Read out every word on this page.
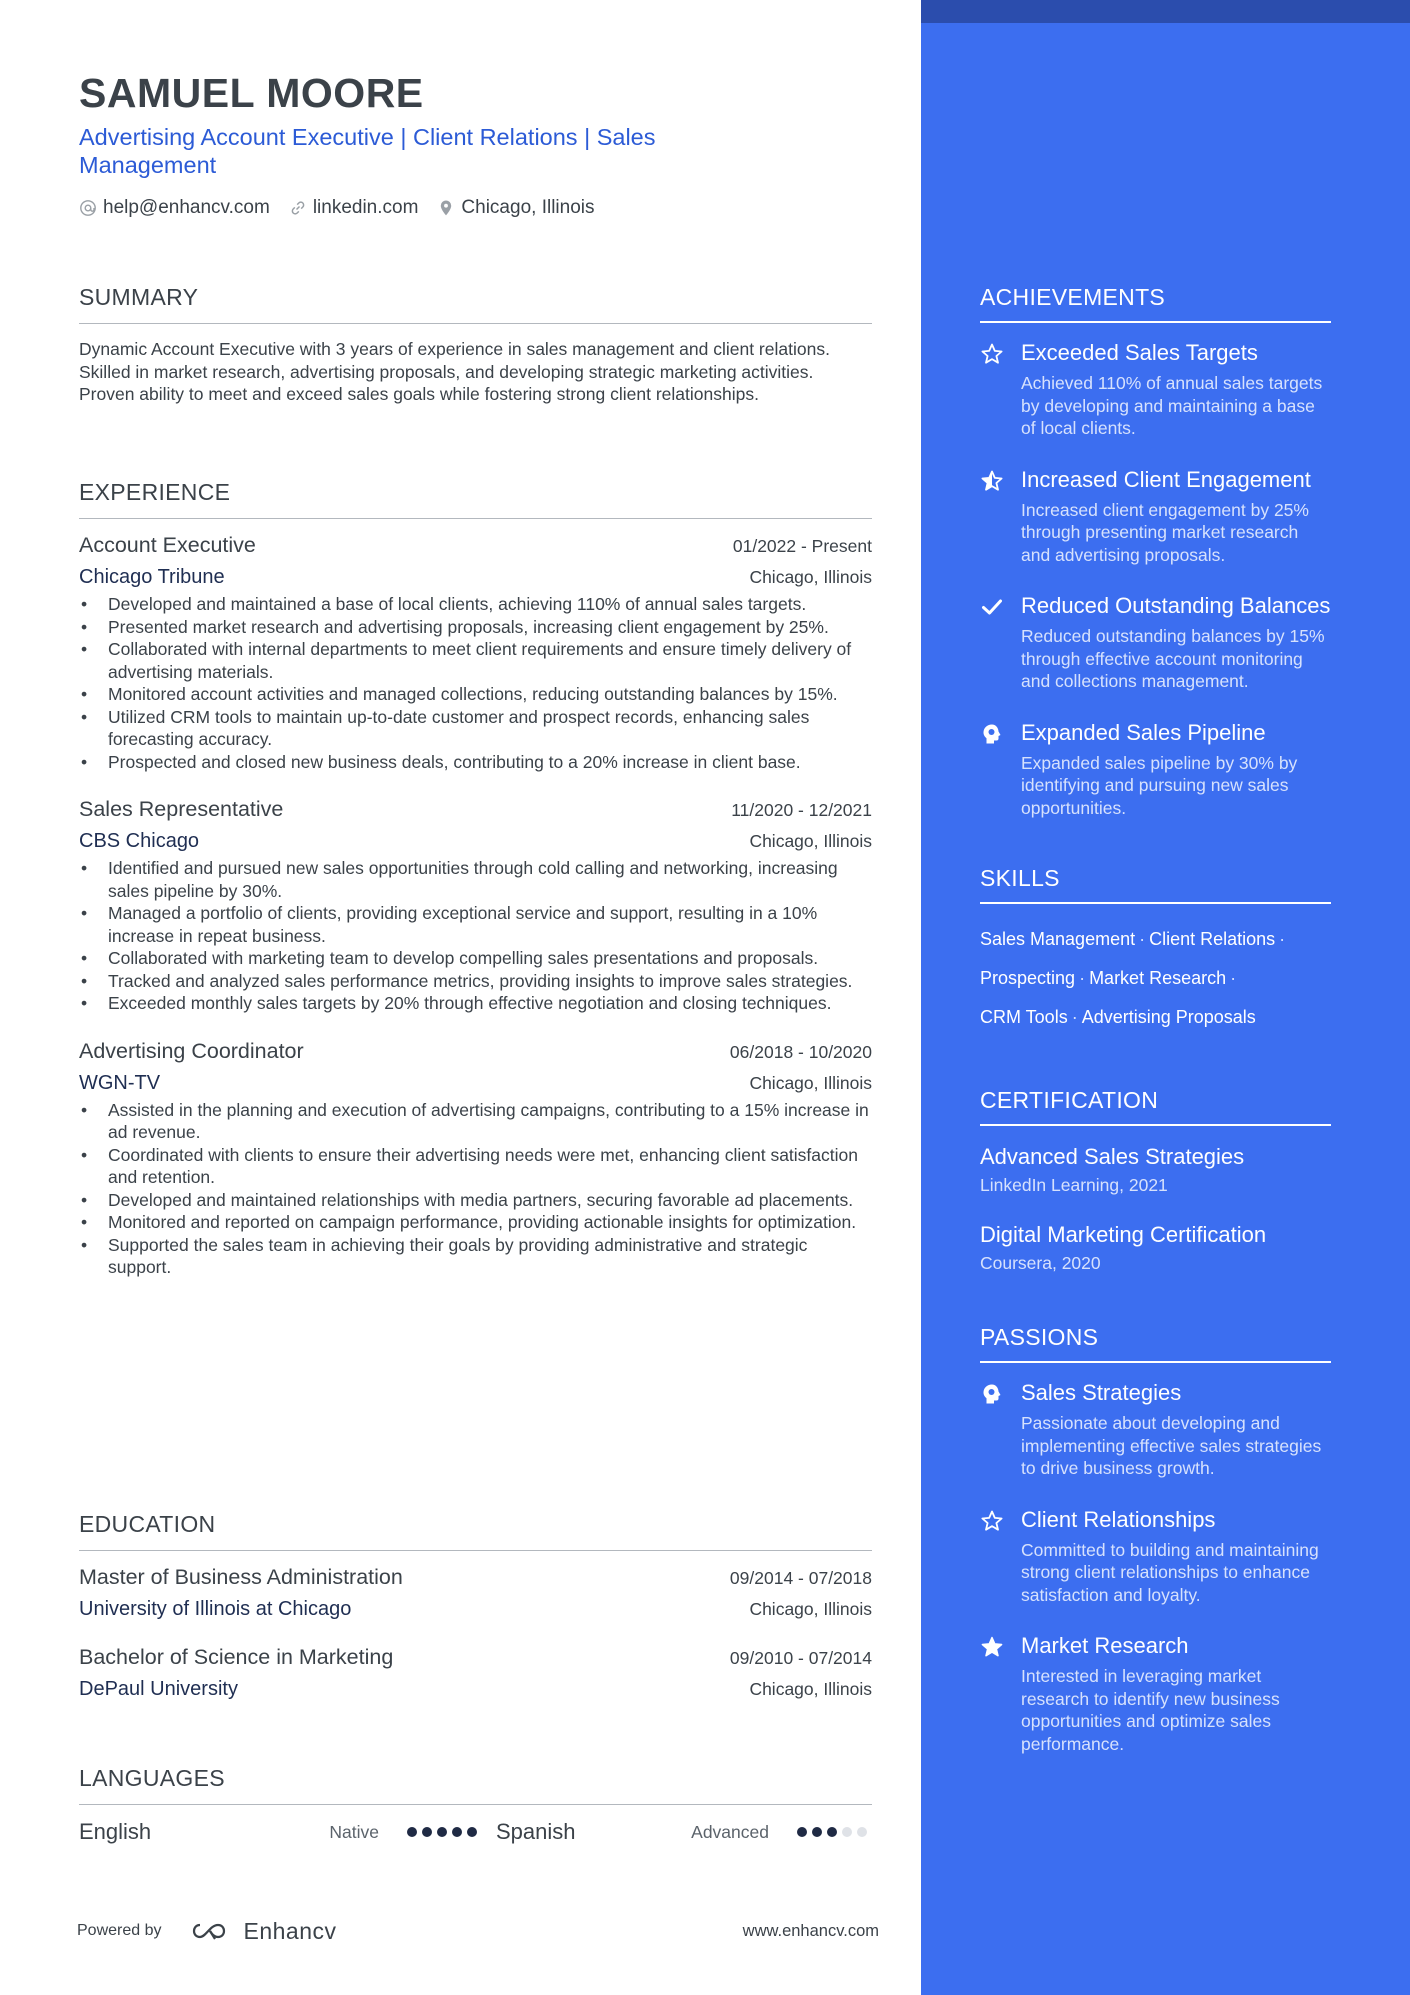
SAMUEL MOORE
Advertising Account Executive | Client Relations | Sales Management
help@enhancv.com linkedin.com Chicago, Illinois
SUMMARY

Dynamic Account Executive with 3 years of experience in sales management and client relations. Skilled in market research, advertising proposals, and developing strategic marketing activities. Proven ability to meet and exceed sales goals while fostering strong client relationships.

EXPERIENCE
Account Executive	01/2022 - Present
Chicago Tribune	Chicago, Illinois
• Developed and maintained a base of local clients, achieving 110% of annual sales targets.
• Presented market research and advertising proposals, increasing client engagement by 25%.
• Collaborated with internal departments to meet client requirements and ensure timely delivery of advertising materials.
• Monitored account activities and managed collections, reducing outstanding balances by 15%.
• Utilized CRM tools to maintain up-to-date customer and prospect records, enhancing sales forecasting accuracy.
• Prospected and closed new business deals, contributing to a 20% increase in client base.
Sales Representative	11/2020 - 12/2021
CBS Chicago	Chicago, Illinois
• Identified and pursued new sales opportunities through cold calling and networking, increasing sales pipeline by 30%.
• Managed a portfolio of clients, providing exceptional service and support, resulting in a 10% increase in repeat business.
• Collaborated with marketing team to develop compelling sales presentations and proposals.
• Tracked and analyzed sales performance metrics, providing insights to improve sales strategies.
• Exceeded monthly sales targets by 20% through effective negotiation and closing techniques.
Advertising Coordinator	06/2018 - 10/2020
WGN-TV	Chicago, Illinois
• Assisted in the planning and execution of advertising campaigns, contributing to a 15% increase in ad revenue.
• Coordinated with clients to ensure their advertising needs were met, enhancing client satisfaction and retention.
• Developed and maintained relationships with media partners, securing favorable ad placements.
• Monitored and reported on campaign performance, providing actionable insights for optimization.
• Supported the sales team in achieving their goals by providing administrative and strategic support.
EDUCATION
Master of Business Administration	09/2014 - 07/2018
University of Illinois at Chicago	Chicago, Illinois
Bachelor of Science in Marketing	09/2010 - 07/2014
DePaul University	Chicago, Illinois
LANGUAGES
English	Native	Spanish	Advanced
Powered by	Enhancv	www.enhancv.com
ACHIEVEMENTS
Exceeded Sales Targets
Achieved 110% of annual sales targets by developing and maintaining a base of local clients.
Increased Client Engagement
Increased client engagement by 25% through presenting market research and advertising proposals.
Reduced Outstanding Balances
Reduced outstanding balances by 15% through effective account monitoring and collections management.
Expanded Sales Pipeline
Expanded sales pipeline by 30% by identifying and pursuing new sales opportunities.
SKILLS
Sales Management · Client Relations ·
Prospecting · Market Research ·
CRM Tools · Advertising Proposals
CERTIFICATION
Advanced Sales Strategies
LinkedIn Learning, 2021
Digital Marketing Certification
Coursera, 2020
PASSIONS
Sales Strategies
Passionate about developing and implementing effective sales strategies to drive business growth.
Client Relationships
Committed to building and maintaining strong client relationships to enhance satisfaction and loyalty.
Market Research
Interested in leveraging market research to identify new business opportunities and optimize sales performance.
